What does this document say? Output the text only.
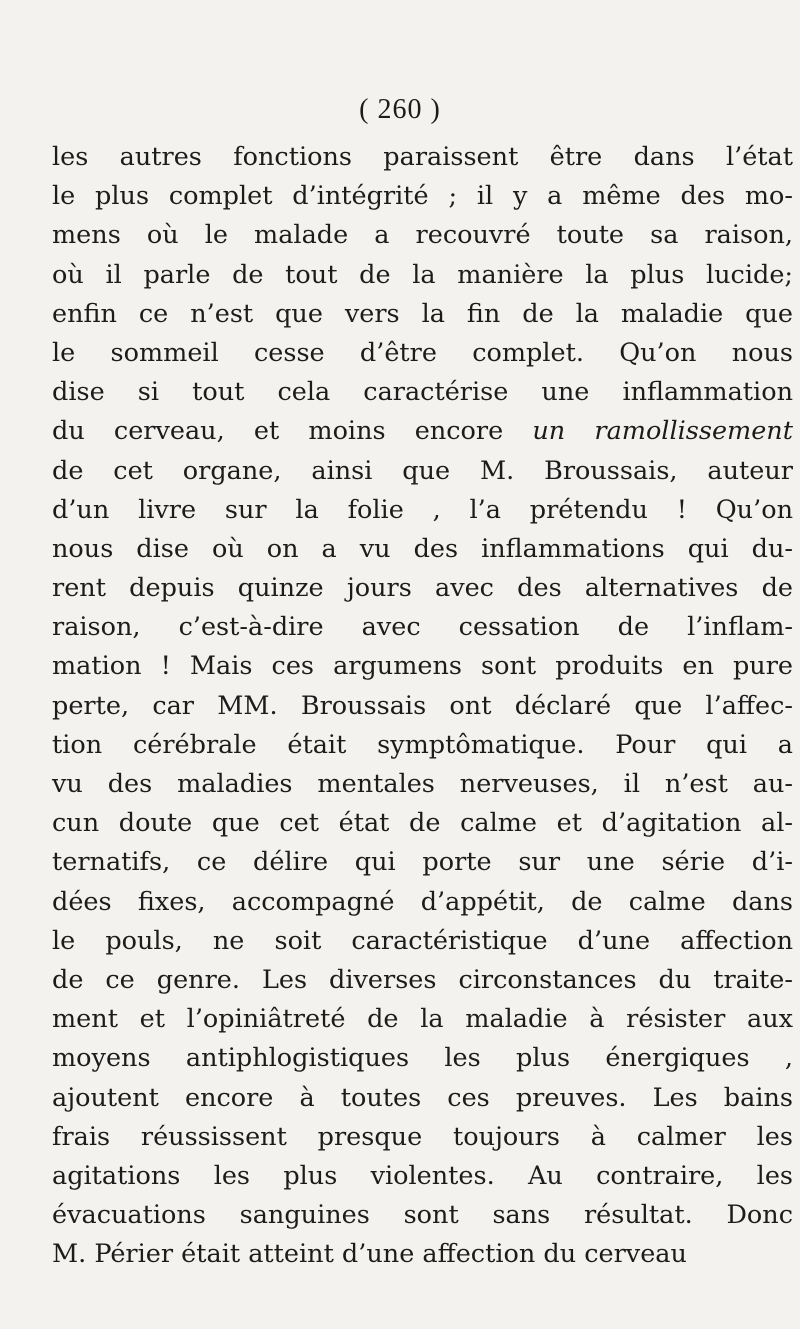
( 260 )
les autres fonctions paraissent être dans l’état
le plus complet d’intégrité ; il y a même des mo-
mens où le malade a recouvré toute sa raison,
où il parle de tout de la manière la plus lucide;
enfin ce n’est que vers la fin de la maladie que
le sommeil cesse d’être complet. Qu’on nous
dise si tout cela caractérise une inflammation
du cerveau, et moins encore un ramollissement
de cet organe, ainsi que M. Broussais, auteur
d’un livre sur la folie , l’a prétendu ! Qu’on
nous dise où on a vu des inflammations qui du-
rent depuis quinze jours avec des alternatives de
raison, c’est-à-dire avec cessation de l’inflam-
mation ! Mais ces argumens sont produits en pure
perte, car MM. Broussais ont déclaré que l’affec-
tion cérébrale était symptômatique. Pour qui a
vu des maladies mentales nerveuses, il n’est au-
cun doute que cet état de calme et d’agitation al-
ternatifs, ce délire qui porte sur une série d’i-
dées fixes, accompagné d’appétit, de calme dans
le pouls, ne soit caractéristique d’une affection
de ce genre. Les diverses circonstances du traite-
ment et l’opiniâtreté de la maladie à résister aux
moyens antiphlogistiques les plus énergiques ,
ajoutent encore à toutes ces preuves. Les bains
frais réussissent presque toujours à calmer les
agitations les plus violentes. Au contraire, les
évacuations sanguines sont sans résultat. Donc
M. Périer était atteint d’une affection du cerveau
